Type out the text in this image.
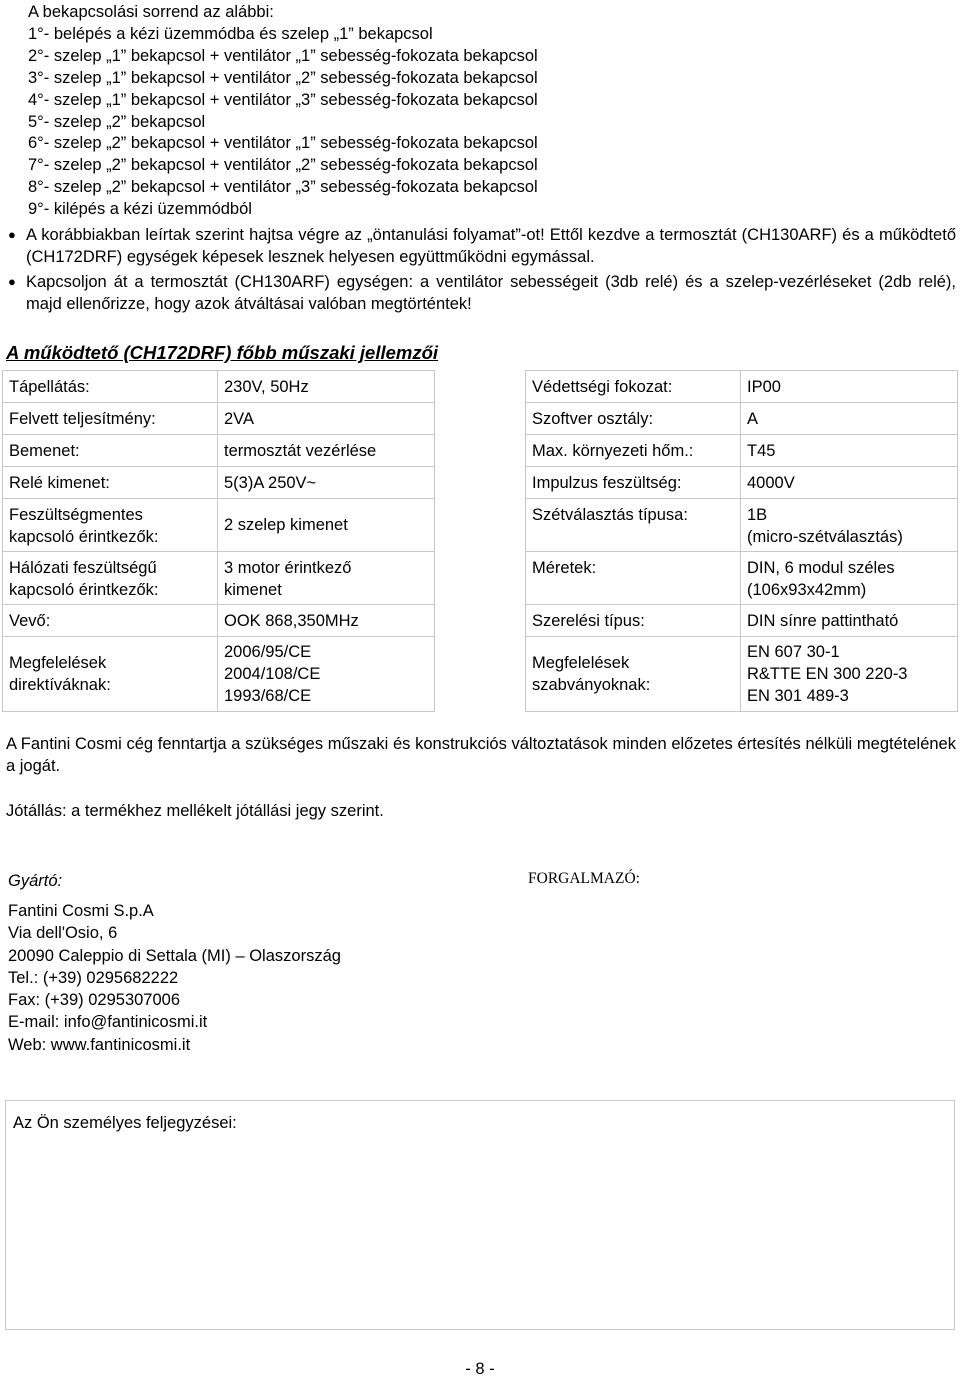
A bekapcsolási sorrend az alábbi:
1°- belépés a kézi üzemmódba és szelep „1” bekapcsol
2°- szelep „1” bekapcsol + ventilátor „1” sebesség-fokozata bekapcsol
3°- szelep „1” bekapcsol + ventilátor „2” sebesség-fokozata bekapcsol
4°- szelep „1” bekapcsol + ventilátor „3” sebesség-fokozata bekapcsol
5°- szelep „2” bekapcsol
6°- szelep „2” bekapcsol + ventilátor „1” sebesség-fokozata bekapcsol
7°- szelep „2” bekapcsol + ventilátor „2” sebesség-fokozata bekapcsol
8°- szelep „2” bekapcsol + ventilátor „3” sebesség-fokozata bekapcsol
9°- kilépés a kézi üzemmódból
● A korábbiakban leírtak szerint hajtsa végre az „öntanulási folyamat”-ot! Ettől kezdve a termosztát (CH130ARF) és a működtető (CH172DRF) egységek képesek lesznek helyesen együttműködni egymással.
● Kapcsoljon át a termosztát (CH130ARF) egységen: a ventilátor sebességeit (3db relé) és a szelep-vezérléseket (2db relé), majd ellenőrizze, hogy azok átváltásai valóban megtörténtek!
A működtető (CH172DRF) főbb műszaki jellemzői
Tápellátás:	230V, 50Hz
Felvett teljesítmény:	2VA
Bemenet:	termosztát vezérlése
Relé kimenet:	5(3)A 250V~
Feszültségmentes kapcsoló érintkezők:	2 szelep kimenet
Hálózati feszültségű kapcsoló érintkezők:	3 motor érintkező
kimenet

Vevő:	OOK 868,350MHz
Megfelelések direktíváknak:	2006/95/CE
2004/108/CE
1993/68/CE
Védettségi fokozat:	IP00
Szoftver osztály:	A
Max. környezeti hőm.:	T45
Impulzus feszültség:	4000V
Szétválasztás típusa:	1B
(micro-szétválasztás)

Méretek:	DIN, 6 modul széles
(106x93x42mm)

Szerelési típus:	DIN sínre pattintható
Megfelelések szabványoknak:	EN 607 30-1
R&TTE EN 300 220-3
EN 301 489-3
A Fantini Cosmi cég fenntartja a szükséges műszaki és konstrukciós változtatások minden előzetes értesítés nélküli megtételének a jogát.
Jótállás: a termékhez mellékelt jótállási jegy szerint.
Gyártó:	FORGALMAZÓ:
Fantini Cosmi S.p.A
Via dell'Osio, 6
20090 Caleppio di Settala (MI) – Olaszország
Tel.: (+39) 0295682222
Fax: (+39) 0295307006
E-mail: info@fantinicosmi.it
Web: www.fantinicosmi.it
Az Ön személyes feljegyzései:
- 8 -
